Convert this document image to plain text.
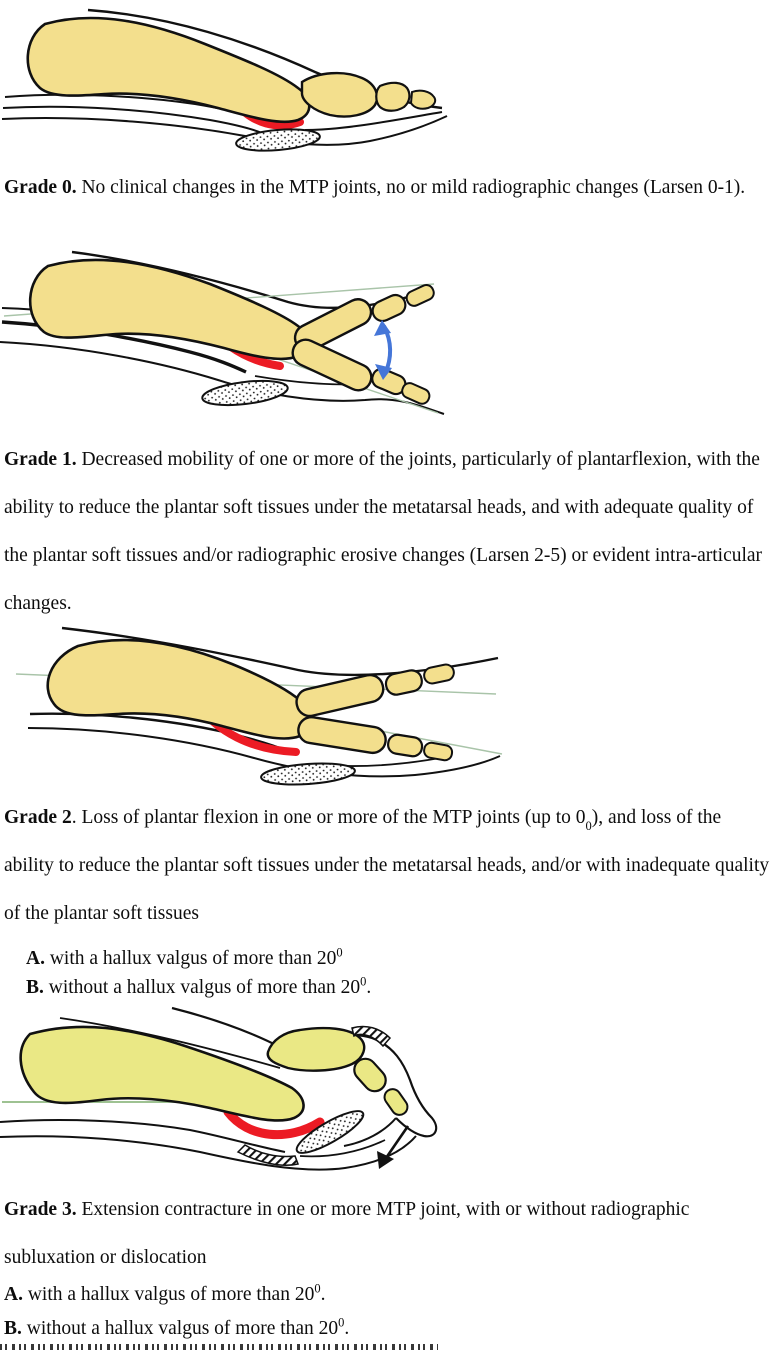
Grade 0. No clinical changes in the MTP joints, no or mild radiographic changes (Larsen 0-1).

Grade 1. Decreased mobility of one or more of the joints, particularly of plantarflexion, with the ability to reduce the plantar soft tissues under the metatarsal heads, and with adequate quality of the plantar soft tissues and/or radiographic erosive changes (Larsen 2-5) or evident intra-articular changes.

Grade 2. Loss of plantar flexion in one or more of the MTP joints (up to $0_0$), and loss of the ability to reduce the plantar soft tissues under the metatarsal heads, and/or with inadequate quality of the plantar soft tissues

A. with a hallux valgus of more than $20^0$
B. without a hallux valgus of more than $20^0$.

Grade 3. Extension contracture in one or more MTP joint, with or without radiographic subluxation or dislocation

A. with a hallux valgus of more than $20^0$.

B. without a hallux valgus of more than $20^0$.
